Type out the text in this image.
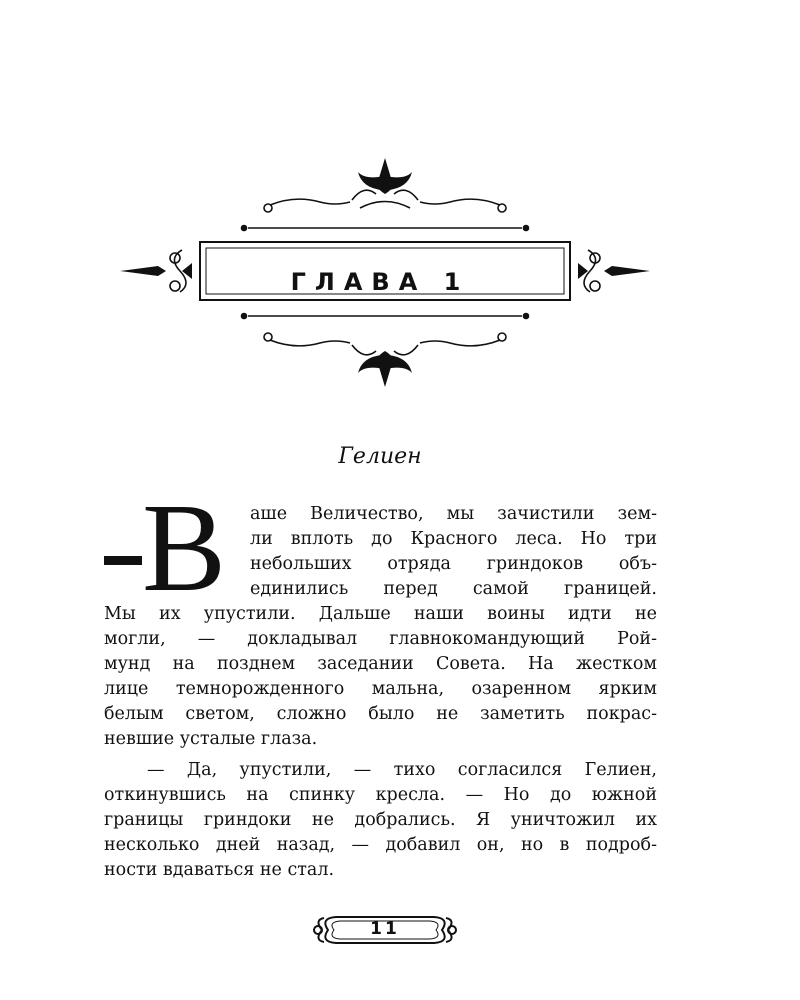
ГЛАВА 1
Гелиен
В аше Величество, мы зачистили зем-
ли вплоть до Красного леса. Но три
небольших отряда гриндоков объ-
единились перед самой границей.
Мы их упустили. Дальше наши воины идти не
могли, — докладывал главнокомандующий Рой-
мунд на позднем заседании Совета. На жестком
лице темнорожденного мальна, озаренном ярким
белым светом, сложно было не заметить покрас-
невшие усталые глаза.
— Да, упустили, — тихо согласился Гелиен,
откинувшись на спинку кресла. — Но до южной
границы гриндоки не добрались. Я уничтожил их
несколько дней назад, — добавил он, но в подроб-
ности вдаваться не стал.
11
